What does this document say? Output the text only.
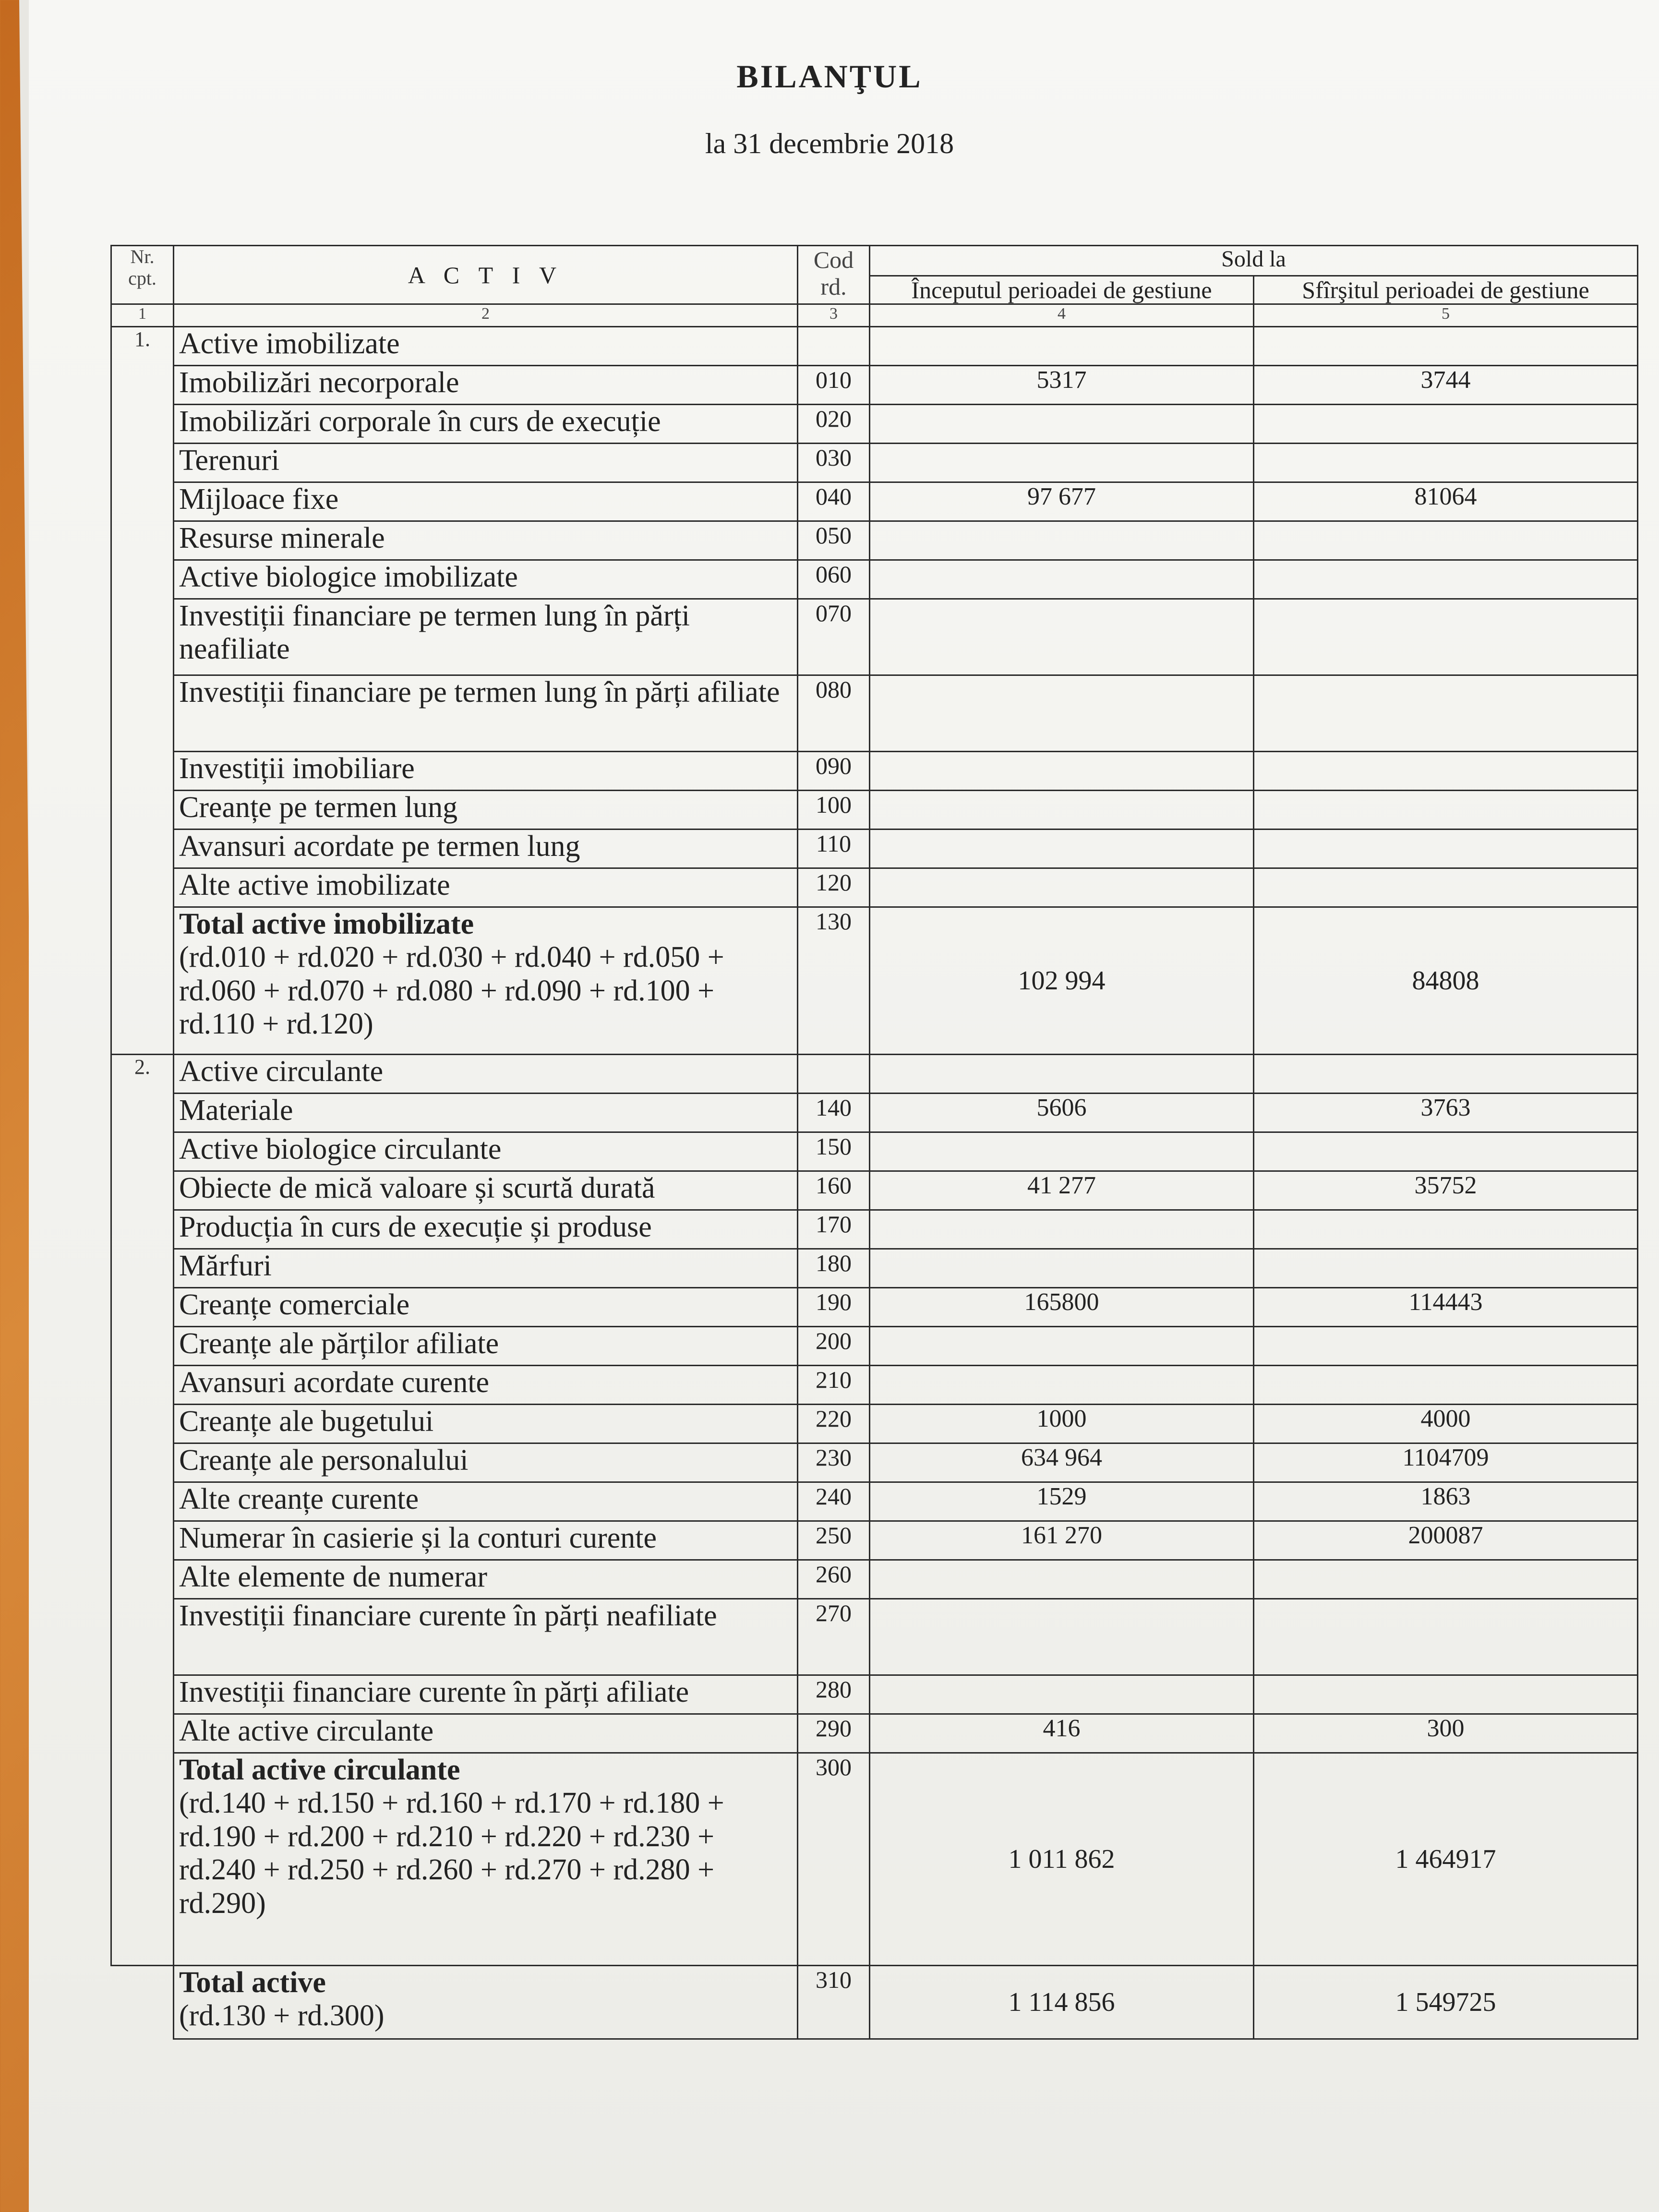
BILANŢUL
la 31 decembrie 2018
Nr. cpt.	A C T I V	Cod rd.	Sold la	
			Începutul perioadei de gestiune	Sfîrşitul perioadei de gestiune
1	2	3	4	5
1.	Active imobilizate			
	Imobilizări necorporale	010	5317	3744
	Imobilizări corporale în curs de execuție	020		
	Terenuri	030		
	Mijloace fixe	040	97 677	81064
	Resurse minerale	050		
	Active biologice imobilizate	060		
	Investiții financiare pe termen lung în părți neafiliate	070		
	Investiții financiare pe termen lung în părți afiliate	080		
	Investiții imobiliare	090		
	Creanțe pe termen lung	100		
	Avansuri acordate pe termen lung	110		
	Alte active imobilizate	120		

	Total active imobilizate
(rd.010 + rd.020 + rd.030 + rd.040 + rd.050 + rd.060 + rd.070 + rd.080 + rd.090 + rd.100 + rd.110 + rd.120)	130	102 994	84808
2.	Active circulante			
	Materiale	140	5606	3763
	Active biologice circulante	150		
	Obiecte de mică valoare și scurtă durată	160	41 277	35752
	Producția în curs de execuție și produse	170		
	Mărfuri	180		
	Creanțe comerciale	190	165800	114443
	Creanțe ale părților afiliate	200		
	Avansuri acordate curente	210		
	Creanțe ale bugetului	220	1000	4000
	Creanțe ale personalului	230	634 964	1104709
	Alte creanțe curente	240	1529	1863
	Numerar în casierie și la conturi curente	250	161 270	200087
	Alte elemente de numerar	260		
	Investiții financiare curente în părți neafiliate	270		
	Investiții financiare curente în părți afiliate	280		
	Alte active circulante	290	416	300

	Total active circulante
(rd.140 + rd.150 + rd.160 + rd.170 + rd.180 + rd.190 + rd.200 + rd.210 + rd.220 + rd.230 + rd.240 + rd.250 + rd.260 + rd.270 + rd.280 + rd.290)	300	1 011 862	1 464917

	Total active
(rd.130 + rd.300)	310	1 114 856	1 549725
